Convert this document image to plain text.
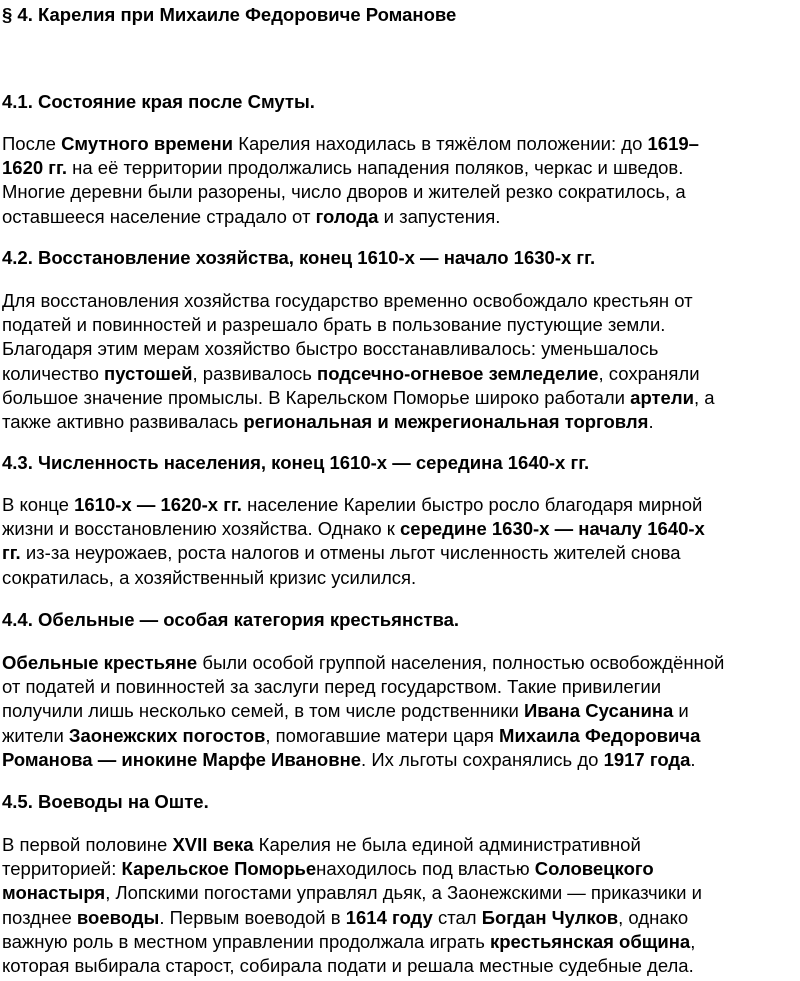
§ 4. Карелия при Михаиле Федоровиче Романове
4.1. Состояние края после Смуты.
После Смутного времени Карелия находилась в тяжёлом положении: до 1619–
1620 гг. на её территории продолжались нападения поляков, черкас и шведов.
Многие деревни были разорены, число дворов и жителей резко сократилось, а
оставшееся население страдало от голода и запустения.
4.2. Восстановление хозяйства, конец 1610-х — начало 1630-х гг.
Для восстановления хозяйства государство временно освобождало крестьян от
податей и повинностей и разрешало брать в пользование пустующие земли.
Благодаря этим мерам хозяйство быстро восстанавливалось: уменьшалось
количество пустошей, развивалось подсечно-огневое земледелие, сохраняли
большое значение промыслы. В Карельском Поморье широко работали артели, а
также активно развивалась региональная и межрегиональная торговля.
4.3. Численность населения, конец 1610-х — середина 1640-х гг.
В конце 1610-х — 1620-х гг. население Карелии быстро росло благодаря мирной
жизни и восстановлению хозяйства. Однако к середине 1630-х — началу 1640-х
гг. из-за неурожаев, роста налогов и отмены льгот численность жителей снова
сократилась, а хозяйственный кризис усилился.
4.4. Обельные — особая категория крестьянства.
Обельные крестьяне были особой группой населения, полностью освобождённой
от податей и повинностей за заслуги перед государством. Такие привилегии
получили лишь несколько семей, в том числе родственники Ивана Сусанина и
жители Заонежских погостов, помогавшие матери царя Михаила Федоровича
Романова — инокине Марфе Ивановне. Их льготы сохранялись до 1917 года.
4.5. Воеводы на Оште.
В первой половине XVII века Карелия не была единой административной
территорией: Карельское Поморьенаходилось под властью Соловецкого
монастыря, Лопскими погостами управлял дьяк, а Заонежскими — приказчики и
позднее воеводы. Первым воеводой в 1614 году стал Богдан Чулков, однако
важную роль в местном управлении продолжала играть крестьянская община,
которая выбирала старост, собирала подати и решала местные судебные дела.
